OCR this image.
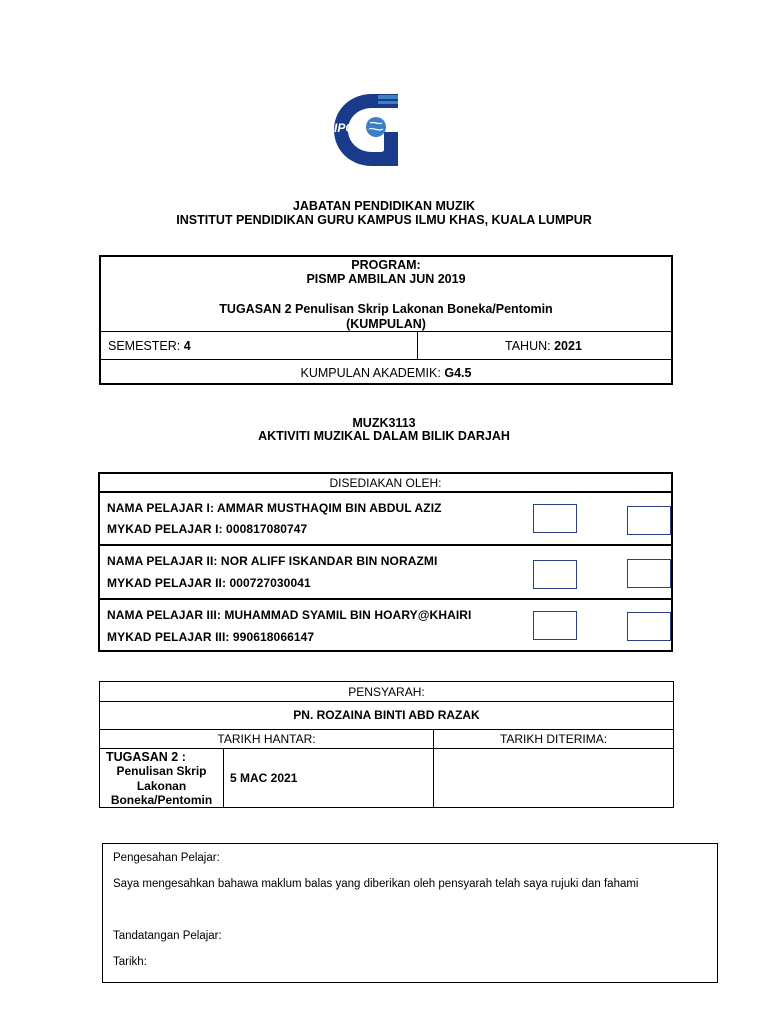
IPG
JABATAN PENDIDIKAN MUZIK
INSTITUT PENDIDIKAN GURU KAMPUS ILMU KHAS, KUALA LUMPUR
PROGRAM:
PISMP AMBILAN JUN 2019
TUGASAN 2 Penulisan Skrip Lakonan Boneka/Pentomin
(KUMPULAN)
SEMESTER: 4	TAHUN: 2021
KUMPULAN AKADEMIK: G4.5
MUZK3113
AKTIVITI MUZIKAL DALAM BILIK DARJAH
DISEDIAKAN OLEH:
NAMA PELAJAR I: AMMAR MUSTHAQIM BIN ABDUL AZIZ
MYKAD PELAJAR I: 000817080747
NAMA PELAJAR II: NOR ALIFF ISKANDAR BIN NORAZMI
MYKAD PELAJAR II: 000727030041
NAMA PELAJAR III: MUHAMMAD SYAMIL BIN HOARY@KHAIRI
MYKAD PELAJAR III: 990618066147
PENSYARAH:
PN. ROZAINA BINTI ABD RAZAK
TARIKH HANTAR:	TARIKH DITERIMA:
TUGASAN 2 :
Penulisan Skrip
Lakonan
Boneka/Pentomin
5 MAC 2021
Pengesahan Pelajar:
Saya mengesahkan bahawa maklum balas yang diberikan oleh pensyarah telah saya rujuki dan fahami
Tandatangan Pelajar:
Tarikh:
